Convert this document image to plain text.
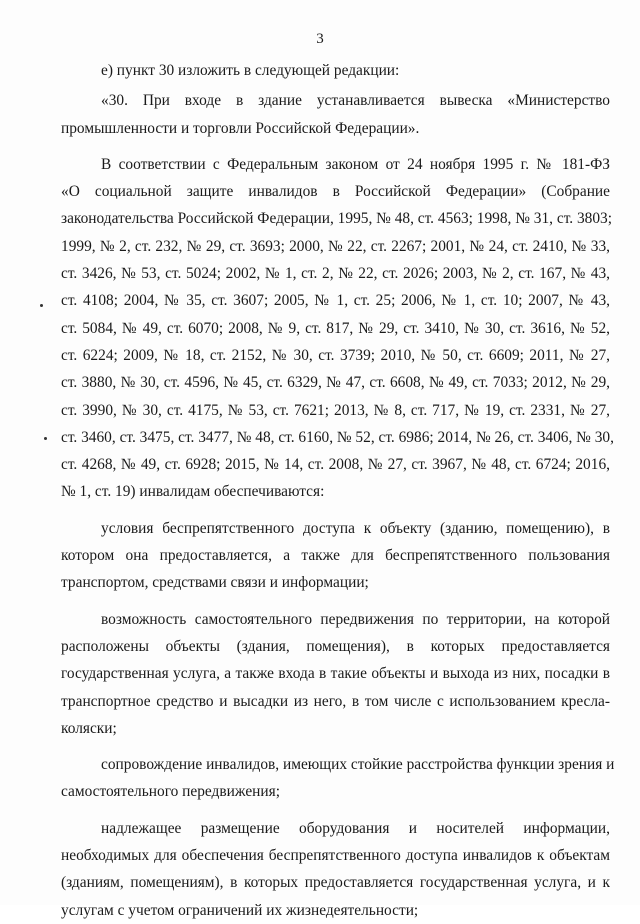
3

е) пункт 30 изложить в следующей редакции:

«30. При входе в здание устанавливается вывеска «Министерство
промышленности и торговли Российской Федерации».

В соответствии с Федеральным законом от 24 ноября 1995 г. № 181-ФЗ
«О социальной защите инвалидов в Российской Федерации» (Собрание
законодательства Российской Федерации, 1995, № 48, ст. 4563; 1998, № 31, ст. 3803;
1999, № 2, ст. 232, № 29, ст. 3693; 2000, № 22, ст. 2267; 2001, № 24, ст. 2410, № 33,
ст. 3426, № 53, ст. 5024; 2002, № 1, ст. 2, № 22, ст. 2026; 2003, № 2, ст. 167, № 43,
ст. 4108; 2004, № 35, ст. 3607; 2005, № 1, ст. 25; 2006, № 1, ст. 10; 2007, № 43,
ст. 5084, № 49, ст. 6070; 2008, № 9, ст. 817, № 29, ст. 3410, № 30, ст. 3616, № 52,
ст. 6224; 2009, № 18, ст. 2152, № 30, ст. 3739; 2010, № 50, ст. 6609; 2011, № 27,
ст. 3880, № 30, ст. 4596, № 45, ст. 6329, № 47, ст. 6608, № 49, ст. 7033; 2012, № 29,
ст. 3990, № 30, ст. 4175, № 53, ст. 7621; 2013, № 8, ст. 717, № 19, ст. 2331, № 27,
ст. 3460, ст. 3475, ст. 3477, № 48, ст. 6160, № 52, ст. 6986; 2014, № 26, ст. 3406, № 30,
ст. 4268, № 49, ст. 6928; 2015, № 14, ст. 2008, № 27, ст. 3967, № 48, ст. 6724; 2016,
№ 1, ст. 19) инвалидам обеспечиваются:

условия беспрепятственного доступа к объекту (зданию, помещению), в
котором она предоставляется, а также для беспрепятственного пользования
транспортом, средствами связи и информации;

возможность самостоятельного передвижения по территории, на которой
расположены объекты (здания, помещения), в которых предоставляется
государственная услуга, а также входа в такие объекты и выхода из них, посадки в
транспортное средство и высадки из него, в том числе с использованием кресла-
коляски;

сопровождение инвалидов, имеющих стойкие расстройства функции зрения и
самостоятельного передвижения;

надлежащее размещение оборудования и носителей информации,
необходимых для обеспечения беспрепятственного доступа инвалидов к объектам
(зданиям, помещениям), в которых предоставляется государственная услуга, и к
услугам с учетом ограничений их жизнедеятельности;
